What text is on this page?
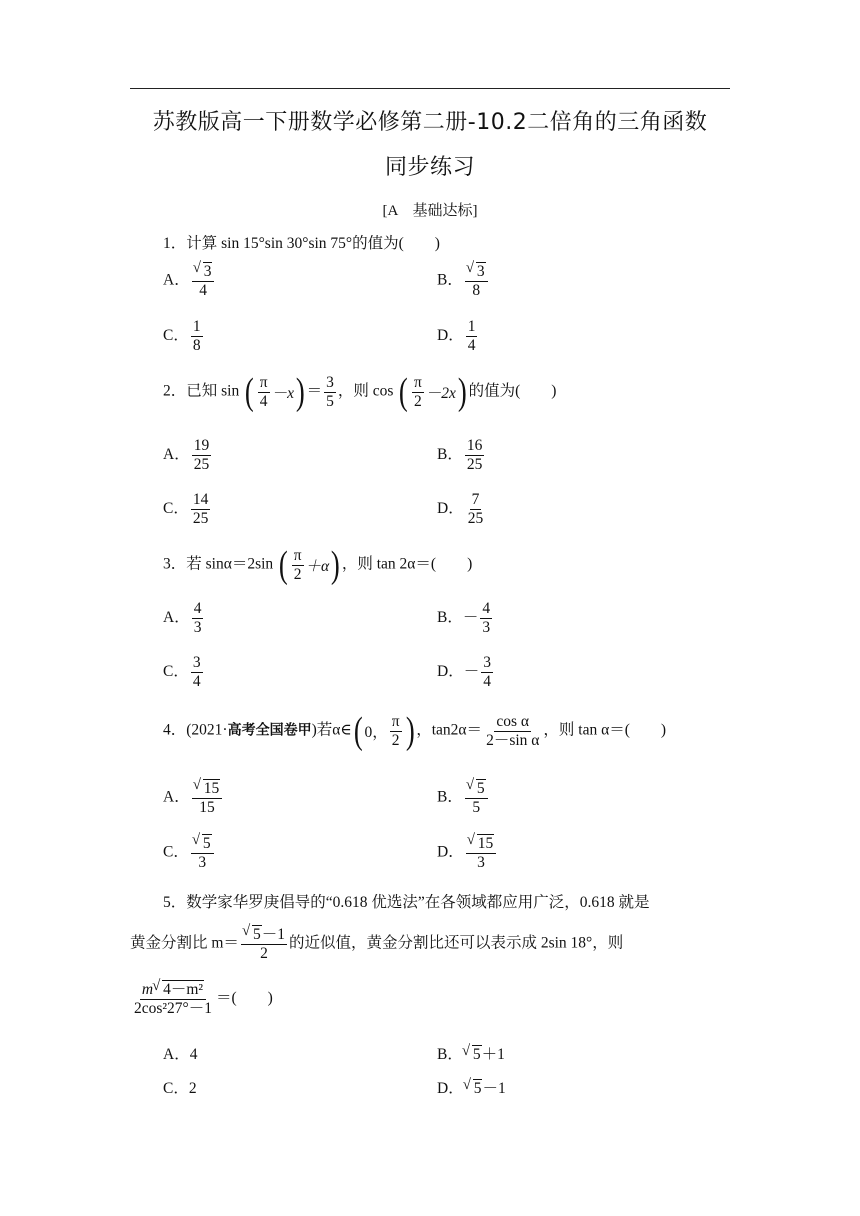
苏教版高一下册数学必修第二册-10.2二倍角的三角函数
同步练习
[A　基础达标]
1．计算 sin 15°sin 30°sin 75°的值为(　　)
A． √ $\frac{3}{4}$	B． √ $\frac{3}{8}$
C． $\frac{1}{8}$	D． $\frac{1}{4}$
2．已知 sin ( $\frac{\pi}{4} -x$ ) ＝ $\frac{3}{5}$ ，则 cos ( $\frac{\pi}{2} -2x$ ) 的值为(　　)
A． $\frac{19}{25}$	B． $\frac{16}{25}$
C． $\frac{14}{25}$	D． $\frac{7}{25}$
3．若 sinα＝2sin ( $\frac{\pi}{2} +\alpha$ ) ，则 tan 2α＝(　　)
A． $\frac{4}{3}$	B．－ $\frac{4}{3}$
C． $\frac{3}{4}$	D．－ $\frac{3}{4}$
4．(2021·高考全国卷甲)若α∈ ( 0， $\frac{\pi}{2}$ ) ，$\tan 2\alpha= \frac{\text{cos α}}{\text{2－sin α}}$ ，则 tan α＝(　　)
A． √ $\frac{15}{15}$	B． √ $\frac{5}{5}$
C． √ $\frac{5}{3}$	D． √ $\frac{15}{3}$
5．数学家华罗庚倡导的“0.618 优选法”在各领域都应用广泛，0.618 就是
黄金分割比 m＝ √ $\frac{5-1}{2}$ 的近似值，黄金分割比还可以表示成 2sin 18°，则
$\frac{\text{m √ 4－m²}}{\text{2cos²27°－1}}$ ＝(　　)
A．4	B． √ 5＋1
C．2	D． √ 5－1
